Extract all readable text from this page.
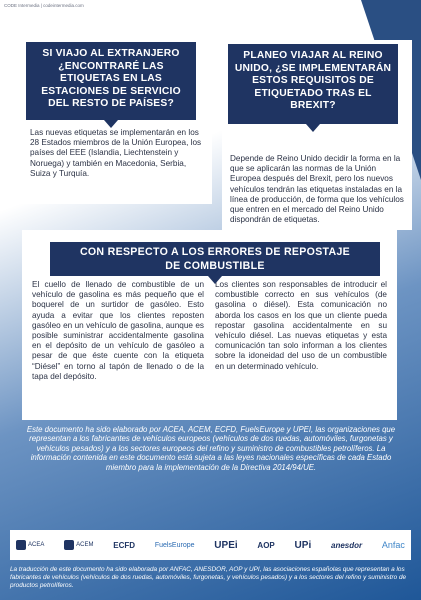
CODE Intermedia | codeintermedia.com
Las nuevas etiquetas se implementarán en los 28 Estados miembros de la Unión Europea, los países del EEE (Islandia, Liechtenstein y Noruega) y también en Macedonia, Serbia, Suiza y Turquía.
SI VIAJO AL EXTRANJERO ¿ENCONTRARÉ LAS ETIQUETAS EN LAS ESTACIONES DE SERVICIO DEL RESTO DE PAÍSES?
Depende de Reino Unido decidir la forma en la que se aplicarán las normas de la Unión Europea después del Brexit, pero los nuevos vehículos tendrán las etiquetas instaladas en la línea de producción, de forma que los vehículos que entren en el mercado del Reino Unido dispondrán de etiquetas.
PLANEO VIAJAR AL REINO UNIDO, ¿SE IMPLEMENTARÁN ESTOS REQUISITOS DE ETIQUETADO TRAS EL BREXIT?
El cuello de llenado de combustible de un vehículo de gasolina es más pequeño que el boquerel de un surtidor de gasóleo. Esto ayuda a evitar que los clientes reposten gasóleo en un vehículo de gasolina, aunque es posible suministrar accidentalmente gasolina en el depósito de un vehículo de gasóleo a pesar de que éste cuente con la etiqueta “Diésel” en torno al tapón de llenado o de la tapa del depósito.
Los clientes son responsables de introducir el combustible correcto en sus vehículos (de gasolina o diésel). Esta comunicación no aborda los casos en los que un cliente pueda repostar gasolina accidentalmente en su vehículo diésel. Las nuevas etiquetas y esta comunicación tan solo informan a los clientes sobre la idoneidad del uso de un combustible en un determinado vehículo.
CON RESPECTO A LOS ERRORES DE REPOSTAJE
DE COMBUSTIBLE
Este documento ha sido elaborado por ACEA, ACEM, ECFD, FuelsEurope y UPEI, las organizaciones que representan a los fabricantes de vehículos europeos (vehículos de dos ruedas, automóviles, furgonetas y vehículos pesados) y a los sectores europeos del refino y suministro de combustibles petrolíferos. La información contenida en este documento está sujeta a las leyes nacionales específicas de cada Estado miembro para la implementación de la Directiva 2014/94/UE.
ACEA	ACEM ECFD	FuelsEurope UPEi AOP UPi anesdor Anfac
La traducción de este documento ha sido elaborada por ANFAC, ANESDOR, AOP y UPI, las asociaciones españolas que representan a los fabricantes de vehículos (vehículos de dos ruedas, automóviles, furgonetas, y vehículos pesados) y a los sectores del refino y suministro de productos petrolíferos.
